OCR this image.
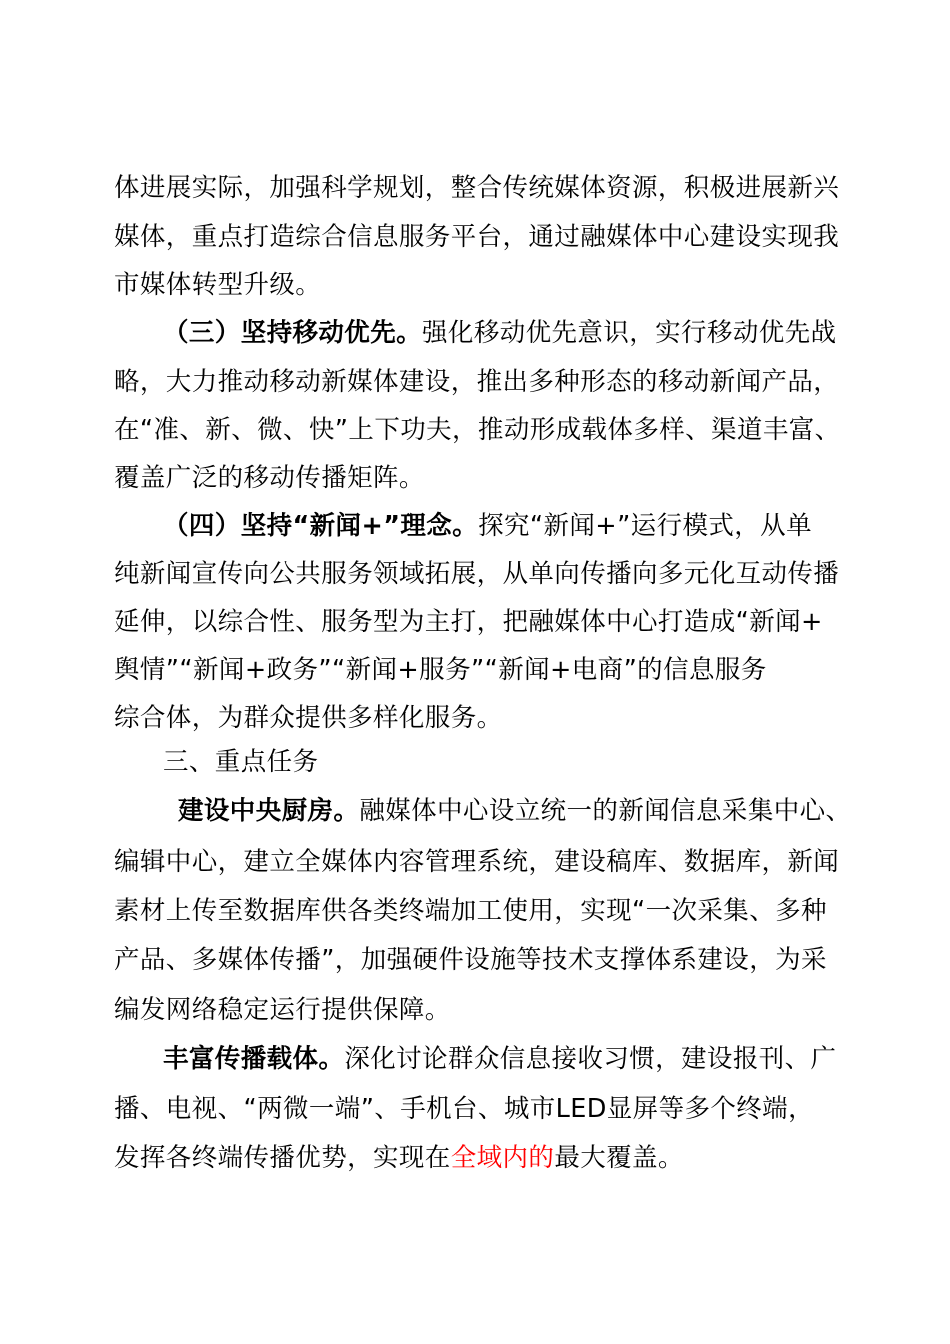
体进展实际，加强科学规划，整合传统媒体资源，积极进展新兴
媒体，重点打造综合信息服务平台，通过融媒体中心建设实现我
市媒体转型升级。
（三）坚持移动优先。强化移动优先意识，实行移动优先战
略，大力推动移动新媒体建设，推出多种形态的移动新闻产品，
在“准、新、微、快”上下功夫，推动形成载体多样、渠道丰富、
覆盖广泛的移动传播矩阵。
（四）坚持“新闻+”理念。探究“新闻+”运行模式，从单
纯新闻宣传向公共服务领域拓展，从单向传播向多元化互动传播
延伸，以综合性、服务型为主打，把融媒体中心打造成“新闻+
舆情”“新闻+政务”“新闻+服务”“新闻+电商”的信息服务
综合体，为群众提供多样化服务。
三、重点任务
建设中央厨房。融媒体中心设立统一的新闻信息采集中心、
编辑中心，建立全媒体内容管理系统，建设稿库、数据库，新闻
素材上传至数据库供各类终端加工使用，实现“一次采集、多种
产品、多媒体传播”，加强硬件设施等技术支撑体系建设，为采
编发网络稳定运行提供保障。
丰富传播载体。深化讨论群众信息接收习惯，建设报刊、广
播、电视、“两微一端”、手机台、城市LED显屏等多个终端，
发挥各终端传播优势，实现在全域内的最大覆盖。
